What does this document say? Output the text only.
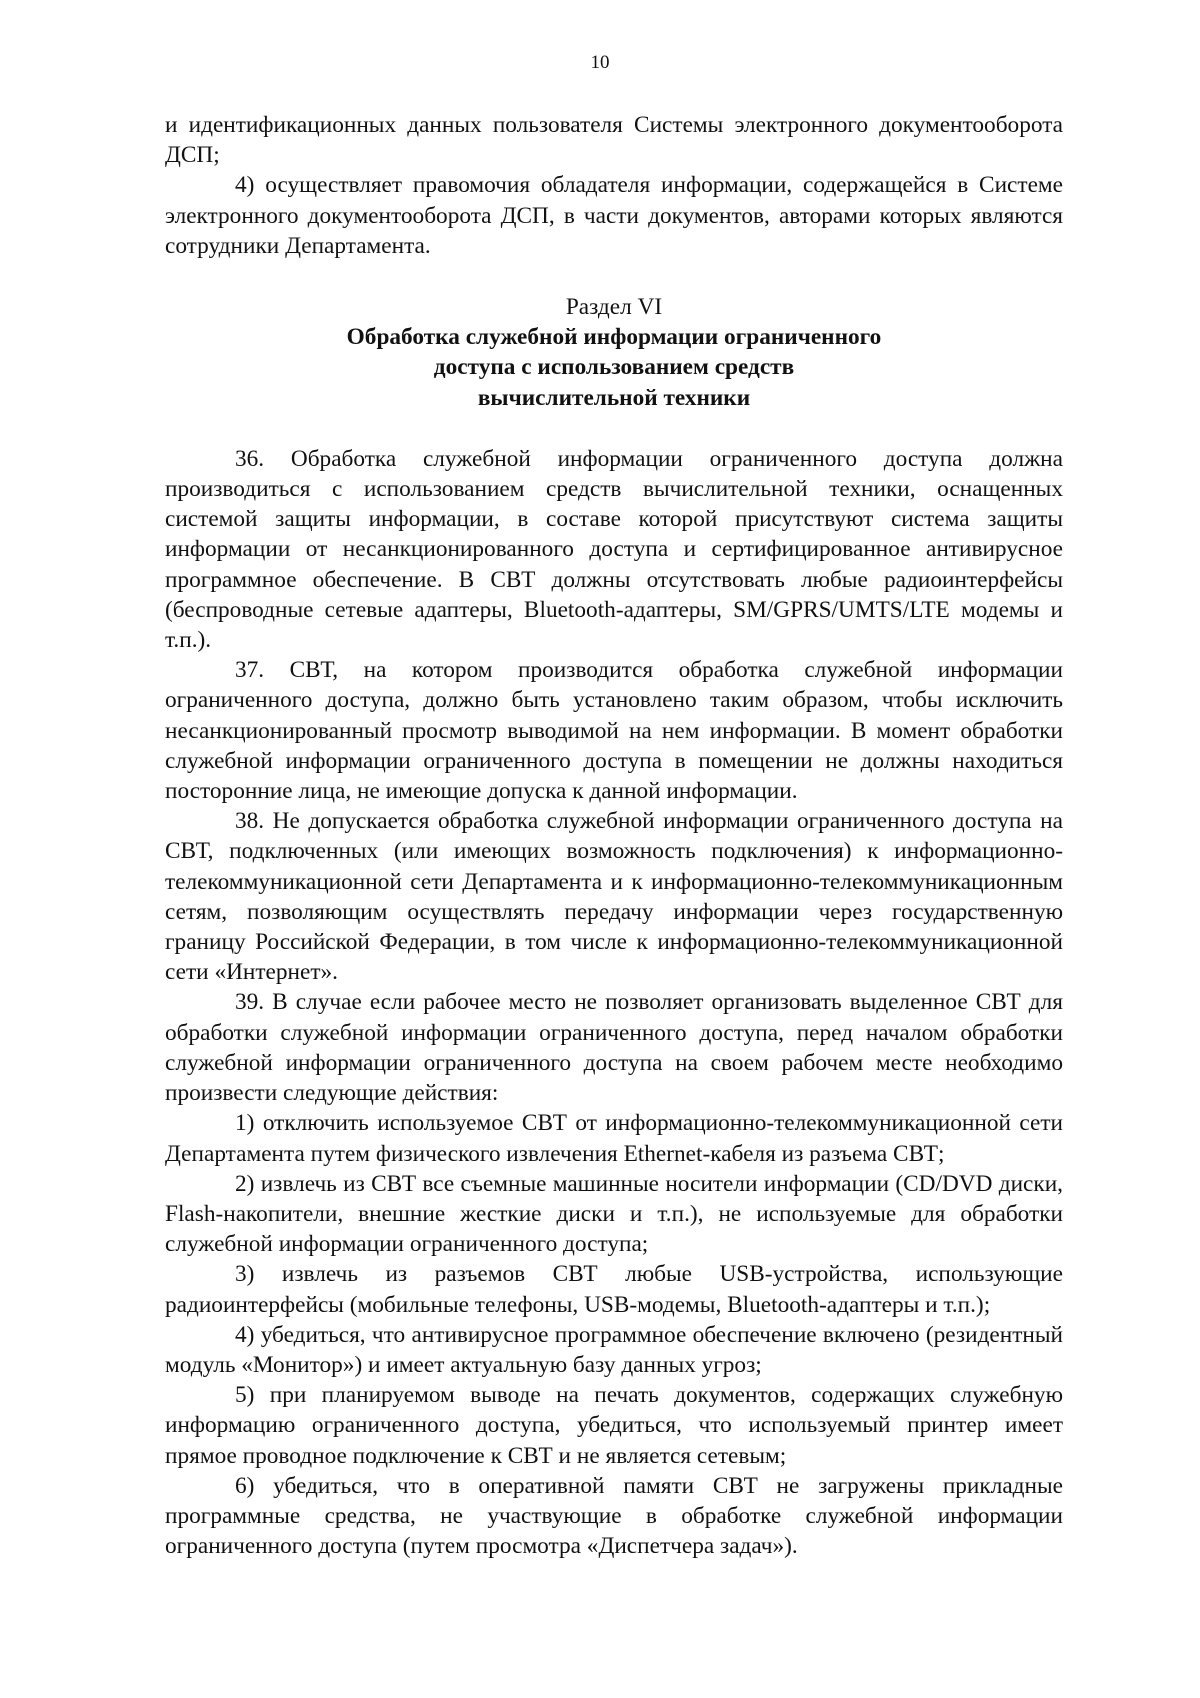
10

и идентификационных данных пользователя Системы электронного документооборота ДСП;

4) осуществляет правомочия обладателя информации, содержащейся в Системе электронного документооборота ДСП, в части документов, авторами которых являются сотрудники Департамента.

Раздел VI

Обработка служебной информации ограниченного
доступа с использованием средств
вычислительной техники

36. Обработка служебной информации ограниченного доступа должна производиться с использованием средств вычислительной техники, оснащенных системой защиты информации, в составе которой присутствуют система защиты информации от несанкционированного доступа и сертифицированное антивирусное программное обеспечение. В СВТ должны отсутствовать любые радиоинтерфейсы (беспроводные сетевые адаптеры, Bluetooth-адаптеры, SM/GPRS/UMTS/LTE модемы и т.п.).

37. СВТ, на котором производится обработка служебной информации ограниченного доступа, должно быть установлено таким образом, чтобы исключить несанкционированный просмотр выводимой на нем информации. В момент обработки служебной информации ограниченного доступа в помещении не должны находиться посторонние лица, не имеющие допуска к данной информации.

38. Не допускается обработка служебной информации ограниченного доступа на СВТ, подключенных (или имеющих возможность подключения) к информационно-телекоммуникационной сети Департамента и к информационно-телекоммуникационным сетям, позволяющим осуществлять передачу информации через государственную границу Российской Федерации, в том числе к информационно-телекоммуникационной сети «Интернет».

39. В случае если рабочее место не позволяет организовать выделенное СВТ для обработки служебной информации ограниченного доступа, перед началом обработки служебной информации ограниченного доступа на своем рабочем месте необходимо произвести следующие действия:

1) отключить используемое СВТ от информационно-телекоммуникационной сети Департамента путем физического извлечения Ethernet-кабеля из разъема СВТ;

2) извлечь из СВТ все съемные машинные носители информации (CD/DVD диски, Flash-накопители, внешние жесткие диски и т.п.), не используемые для обработки служебной информации ограниченного доступа;

3) извлечь из разъемов СВТ любые USB-устройства, использующие радиоинтерфейсы (мобильные телефоны, USB-модемы, Bluetooth-адаптеры и т.п.);

4) убедиться, что антивирусное программное обеспечение включено (резидентный модуль «Монитор») и имеет актуальную базу данных угроз;

5) при планируемом выводе на печать документов, содержащих служебную информацию ограниченного доступа, убедиться, что используемый принтер имеет прямое проводное подключение к СВТ и не является сетевым;

6) убедиться, что в оперативной памяти СВТ не загружены прикладные программные средства, не участвующие в обработке служебной информации ограниченного доступа (путем просмотра «Диспетчера задач»).
